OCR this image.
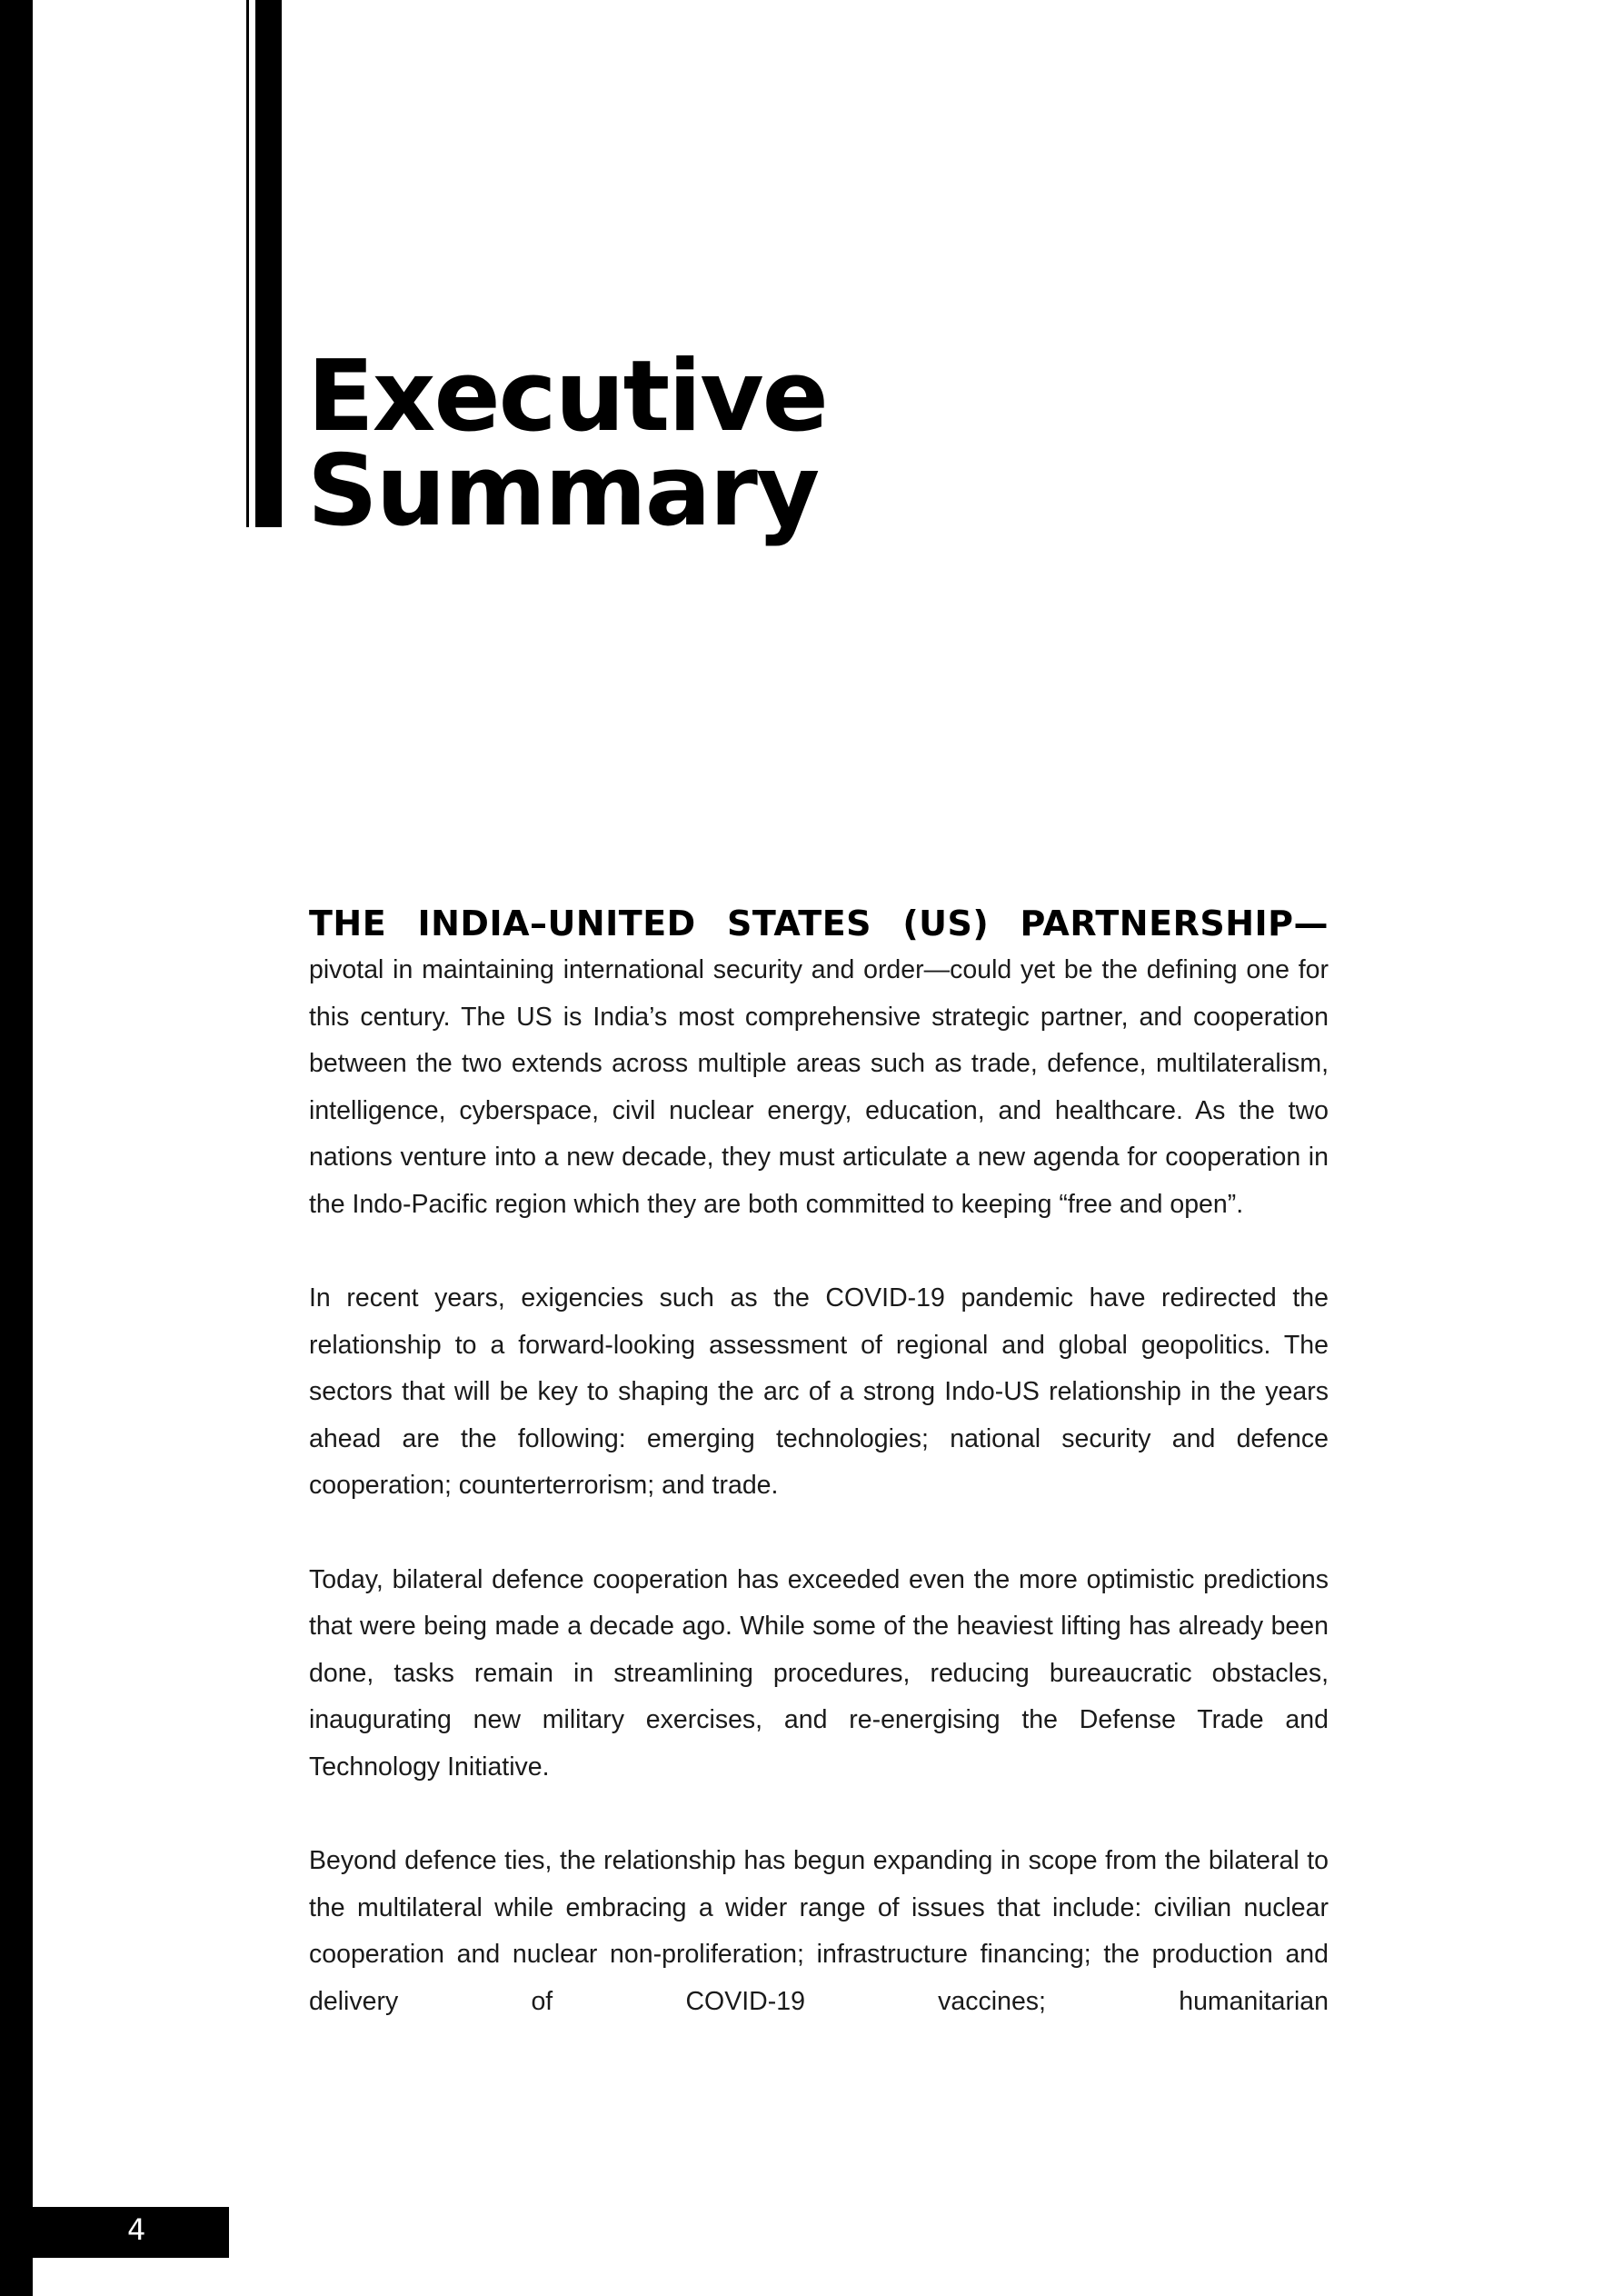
Executive
Summary

THE INDIA–UNITED STATES (US) PARTNERSHIP—

pivotal in maintaining international security and order—could yet be the defining one for this century. The US is India’s most comprehensive strategic partner, and cooperation between the two extends across multiple areas such as trade, defence, multilateralism, intelligence, cyberspace, civil nuclear energy, education, and healthcare. As the two nations venture into a new decade, they must articulate a new agenda for cooperation in the Indo-Pacific region which they are both committed to keeping “free and open”.

In recent years, exigencies such as the COVID-19 pandemic have redirected the relationship to a forward-looking assessment of regional and global geopolitics. The sectors that will be key to shaping the arc of a strong Indo-US relationship in the years ahead are the following: emerging technologies; national security and defence cooperation; counterterrorism; and trade.

Today, bilateral defence cooperation has exceeded even the more optimistic predictions that were being made a decade ago. While some of the heaviest lifting has already been done, tasks remain in streamlining procedures, reducing bureaucratic obstacles, inaugurating new military exercises, and re-energising the Defense Trade and Technology Initiative.

Beyond defence ties, the relationship has begun expanding in scope from the bilateral to the multilateral while embracing a wider range of issues that include: civilian nuclear cooperation and nuclear non-proliferation; infrastructure financing; the production and delivery of COVID-19 vaccines; humanitarian

4
